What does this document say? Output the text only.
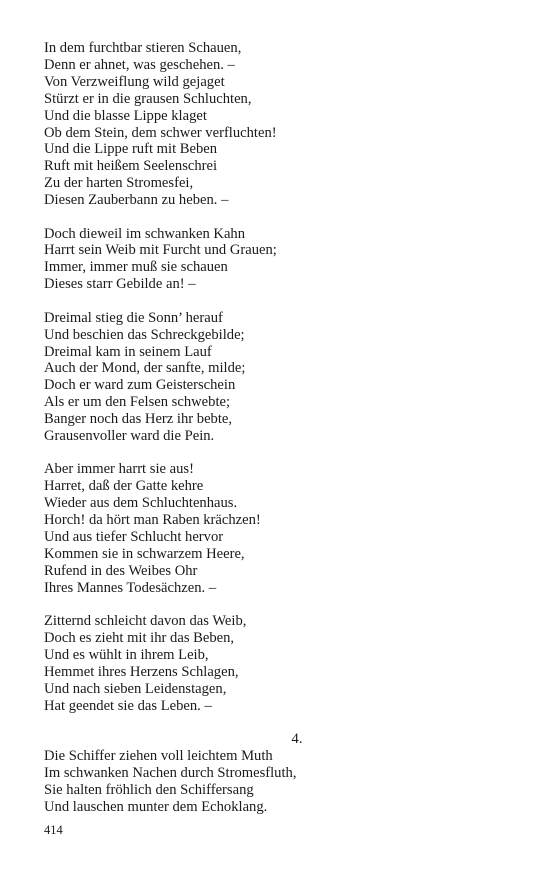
In dem furchtbar stieren Schauen,
Denn er ahnet, was geschehen. –
Von Verzweiflung wild gejaget
Stürzt er in die grausen Schluchten,
Und die blasse Lippe klaget
Ob dem Stein, dem schwer verfluchten!
Und die Lippe ruft mit Beben
Ruft mit heißem Seelenschrei
Zu der harten Stromesfei,
Diesen Zauberbann zu heben. –
Doch dieweil im schwanken Kahn
Harrt sein Weib mit Furcht und Grauen;
Immer, immer muß sie schauen
Dieses starr Gebilde an! –
Dreimal stieg die Sonn’ herauf
Und beschien das Schreckgebilde;
Dreimal kam in seinem Lauf
Auch der Mond, der sanfte, milde;
Doch er ward zum Geisterschein
Als er um den Felsen schwebte;
Banger noch das Herz ihr bebte,
Grausenvoller ward die Pein.
Aber immer harrt sie aus!
Harret, daß der Gatte kehre
Wieder aus dem Schluchtenhaus.
Horch! da hört man Raben krächzen!
Und aus tiefer Schlucht hervor
Kommen sie in schwarzem Heere,
Rufend in des Weibes Ohr
Ihres Mannes Todesächzen. –
Zitternd schleicht davon das Weib,
Doch es zieht mit ihr das Beben,
Und es wühlt in ihrem Leib,
Hemmet ihres Herzens Schlagen,
Und nach sieben Leidenstagen,
Hat geendet sie das Leben. –
4.
Die Schiffer ziehen voll leichtem Muth
Im schwanken Nachen durch Stromesfluth,
Sie halten fröhlich den Schiffersang
Und lauschen munter dem Echoklang.
414
